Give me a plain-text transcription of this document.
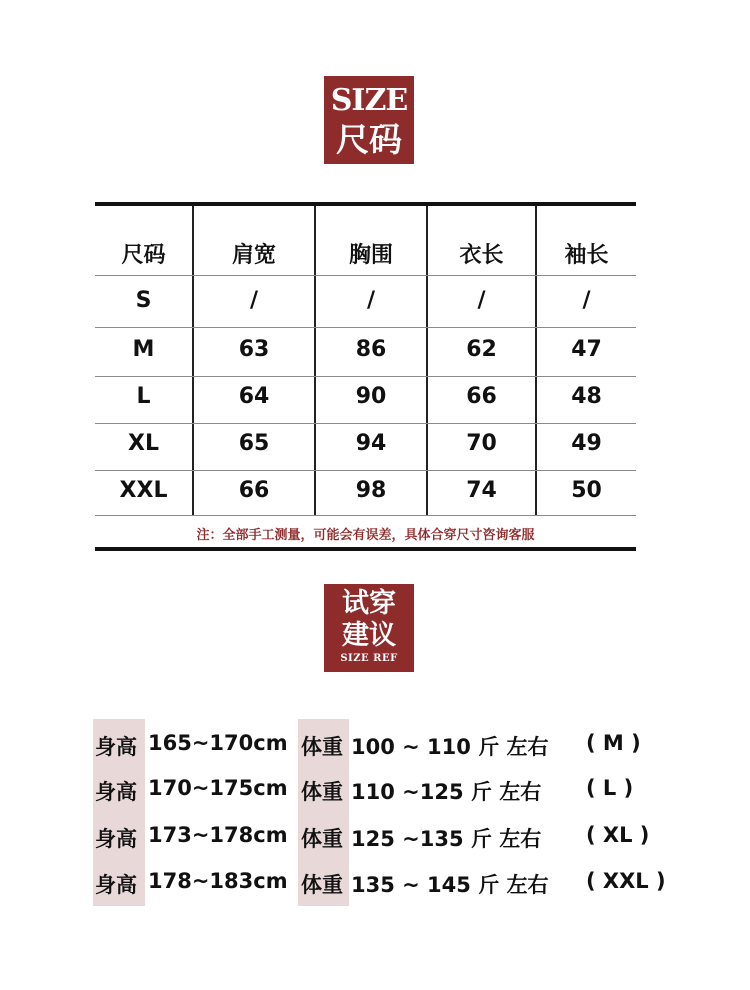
SIZE
尺码
尺码	肩宽	胸围	衣长	袖长
S	/	/	/	/
M	63	86	62	47
L	64	90	66	48
XL	65	94	70	49
XXL	66	98	74	50
注：全部手工测量，可能会有误差，具体合穿尺寸咨询客服
试穿
建议
SIZE REF
身高 165~170cm 体重 100 ~ 110 斤 左右 ( M )
身高 170~175cm 体重 110 ~125 斤 左右 ( L )
身高 173~178cm 体重 125 ~135 斤 左右 ( XL )
身高 178~183cm 体重 135 ~ 145 斤 左右 ( XXL )
